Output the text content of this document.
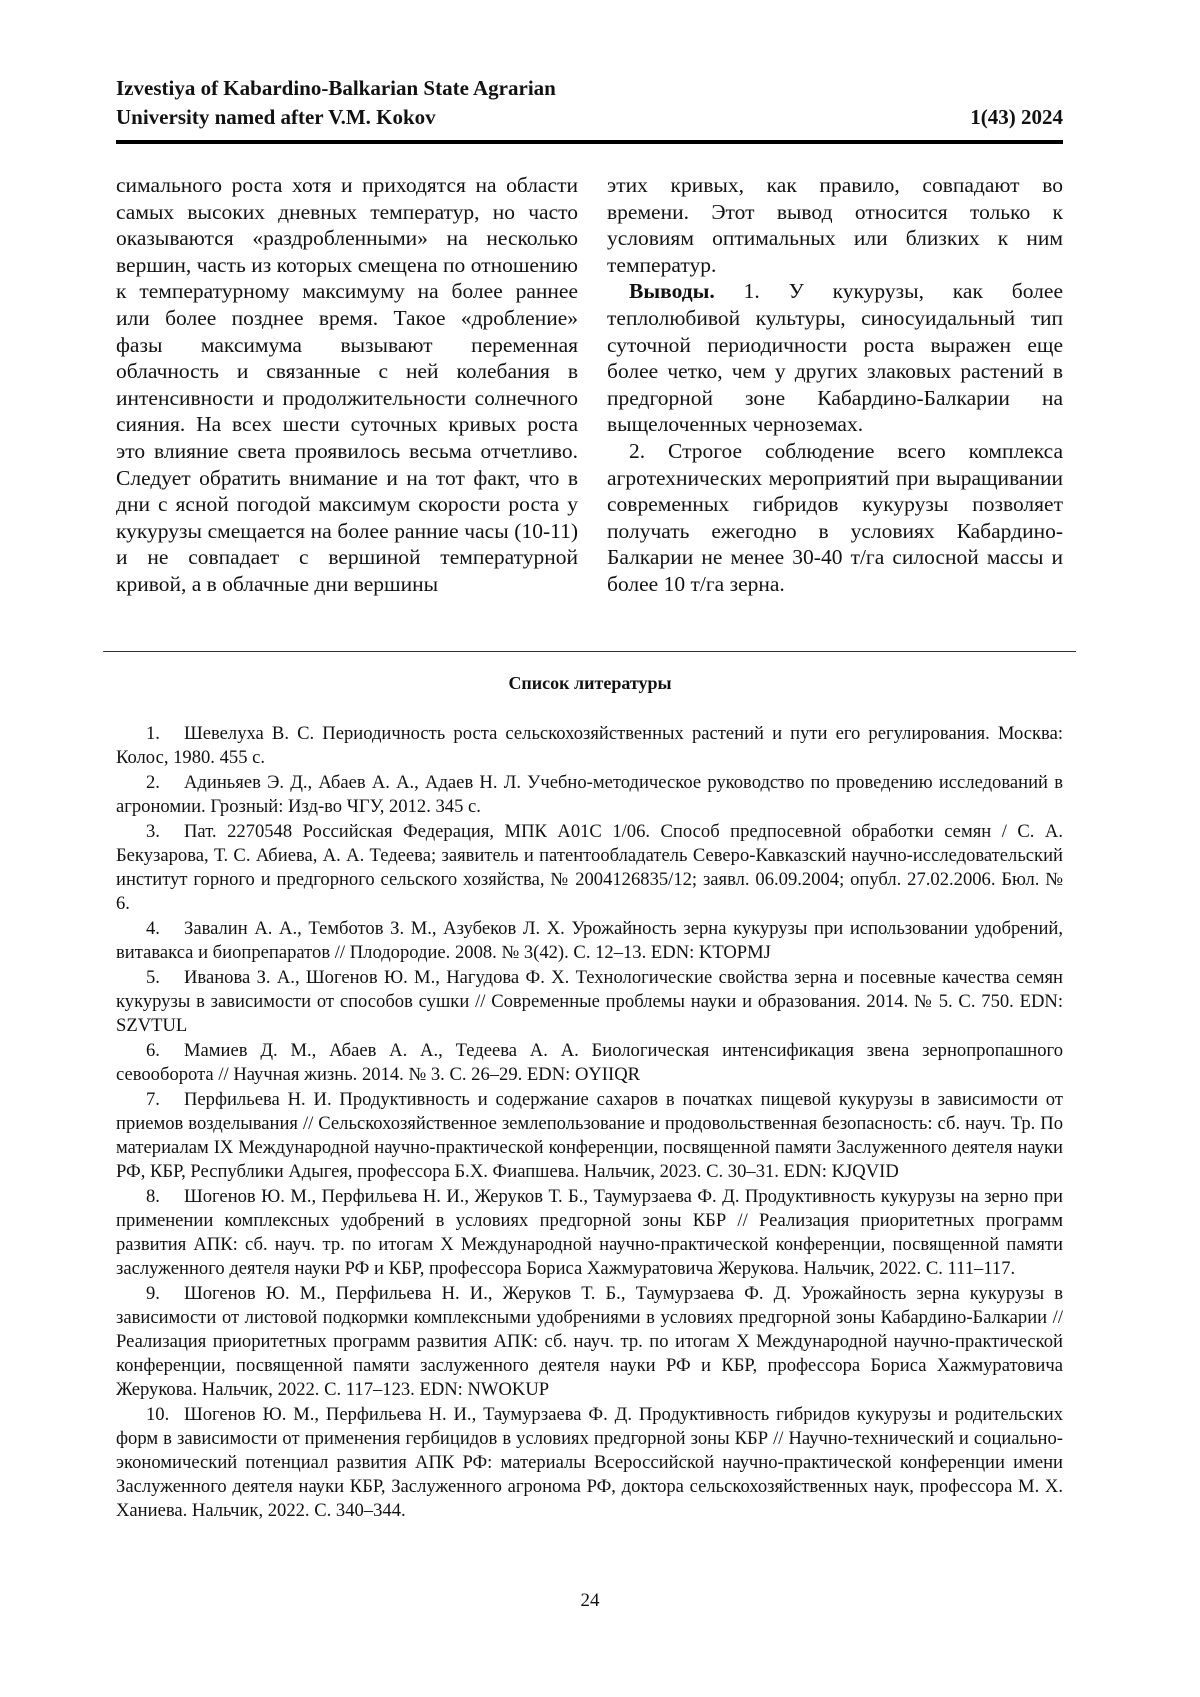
Izvestiya of Kabardino-Balkarian State Agrarian
University named after V.M. Kokov	1(43) 2024

симального роста хотя и приходятся на области самых высоких дневных температур, но часто оказываются «раздробленными» на несколько вершин, часть из которых смещена по отношению к температурному максимуму на более раннее или более позднее время. Такое «дробление» фазы максимума вызывают переменная облачность и связанные с ней колебания в интенсивности и продолжительности солнечного сияния. На всех шести суточных кривых роста это влияние света проявилось весьма отчетливо. Следует обратить внимание и на тот факт, что в дни с ясной погодой максимум скорости роста у кукурузы смещается на более ранние часы (10-11) и не совпадает с вершиной температурной кривой, а в облачные дни вершины

этих кривых, как правило, совпадают во времени. Этот вывод относится только к условиям оптимальных или близких к ним температур.

Выводы. 1. У кукурузы, как более теплолюбивой культуры, синосуидальный тип суточной периодичности роста выражен еще более четко, чем у других злаковых растений в предгорной зоне Кабардино-Балкарии на выщелоченных черноземах.

2. Строгое соблюдение всего комплекса агротехнических мероприятий при выращивании современных гибридов кукурузы позволяет получать ежегодно в условиях Кабардино-Балкарии не менее 30-40 т/га силосной массы и более 10 т/га зерна.

Список литературы

1. Шевелуха В. С. Периодичность роста сельскохозяйственных растений и пути его регулирования. Москва: Колос, 1980. 455 с.

2. Адиньяев Э. Д., Абаев А. А., Адаев Н. Л. Учебно-методическое руководство по проведению исследований в агрономии. Грозный: Изд-во ЧГУ, 2012. 345 с.

3. Пат. 2270548 Российская Федерация, МПК A01C 1/06. Способ предпосевной обработки семян / С. А. Бекузарова, Т. С. Абиева, А. А. Тедеева; заявитель и патентообладатель Северо-Кавказский научно-исследовательский институт горного и предгорного сельского хозяйства, № 2004126835/12; заявл. 06.09.2004; опубл. 27.02.2006. Бюл. № 6.

4. Завалин А. А., Темботов З. М., Азубеков Л. Х. Урожайность зерна кукурузы при использовании удобрений, витавакса и биопрепаратов // Плодородие. 2008. № 3(42). С. 12–13. EDN: KTOPMJ

5. Иванова З. А., Шогенов Ю. М., Нагудова Ф. Х. Технологические свойства зерна и посевные качества семян кукурузы в зависимости от способов сушки // Современные проблемы науки и образования. 2014. № 5. С. 750. EDN: SZVTUL

6. Мамиев Д. М., Абаев А. А., Тедеева А. А. Биологическая интенсификация звена зернопропашного севооборота // Научная жизнь. 2014. № 3. С. 26–29. EDN: OYIIQR

7. Перфильева Н. И. Продуктивность и содержание сахаров в початках пищевой кукурузы в зависимости от приемов возделывания // Сельскохозяйственное землепользование и продовольственная безопасность: сб. науч. Тр. По материалам IX Международной научно-практической конференции, посвященной памяти Заслуженного деятеля науки РФ, КБР, Республики Адыгея, профессора Б.Х. Фиапшева. Нальчик, 2023. С. 30–31. EDN: KJQVID

8. Шогенов Ю. М., Перфильева Н. И., Жеруков Т. Б., Таумурзаева Ф. Д. Продуктивность кукурузы на зерно при применении комплексных удобрений в условиях предгорной зоны КБР // Реализация приоритетных программ развития АПК: сб. науч. тр. по итогам X Международной научно-практической конференции, посвященной памяти заслуженного деятеля науки РФ и КБР, профессора Бориса Хажмуратовича Жерукова. Нальчик, 2022. С. 111–117.

9. Шогенов Ю. М., Перфильева Н. И., Жеруков Т. Б., Таумурзаева Ф. Д. Урожайность зерна кукурузы в зависимости от листовой подкормки комплексными удобрениями в условиях предгорной зоны Кабардино-Балкарии // Реализация приоритетных программ развития АПК: сб. науч. тр. по итогам X Международной научно-практической конференции, посвященной памяти заслуженного деятеля науки РФ и КБР, профессора Бориса Хажмуратовича Жерукова. Нальчик, 2022. С. 117–123. EDN: NWOKUP

10. Шогенов Ю. М., Перфильева Н. И., Таумурзаева Ф. Д. Продуктивность гибридов кукурузы и родительских форм в зависимости от применения гербицидов в условиях предгорной зоны КБР // Научно-технический и социально-экономический потенциал развития АПК РФ: материалы Всероссийской научно-практической конференции имени Заслуженного деятеля науки КБР, Заслуженного агронома РФ, доктора сельскохозяйственных наук, профессора М. Х. Ханиева. Нальчик, 2022. С. 340–344.

24
